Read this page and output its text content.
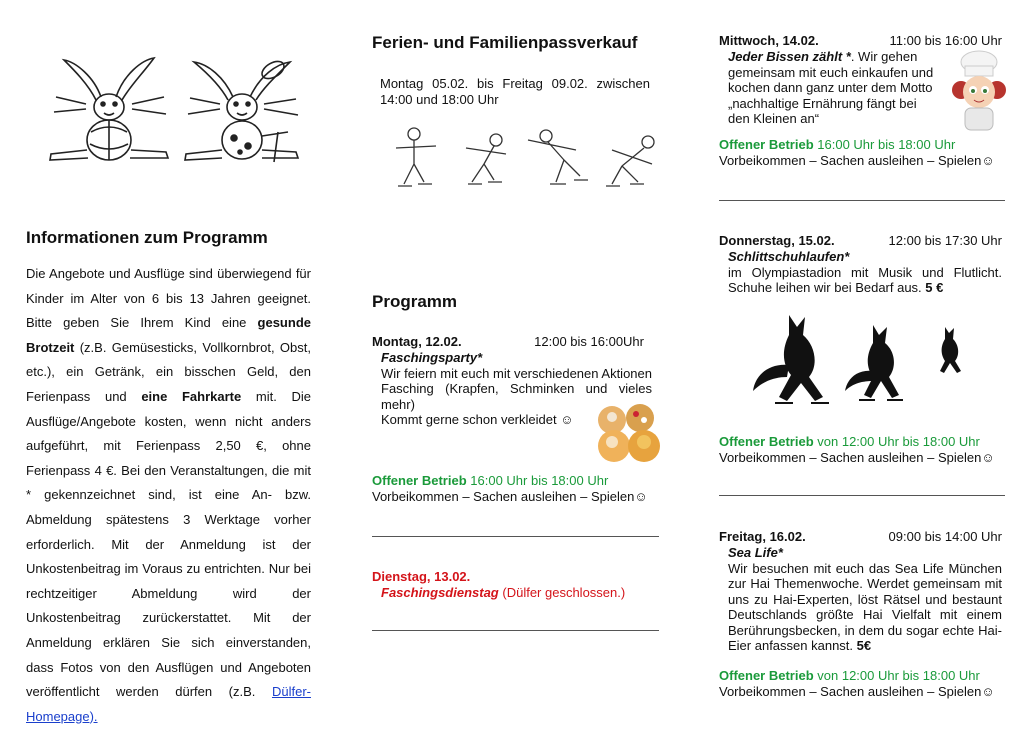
Informationen zum Programm
Die Angebote und Ausflüge sind überwiegend für Kinder im Alter von 6 bis 13 Jahren geeignet. Bitte geben Sie Ihrem Kind eine gesunde Brotzeit (z.B. Gemüsesticks, Vollkornbrot, Obst, etc.), ein Getränk, ein bisschen Geld, den Ferienpass und eine Fahrkarte mit. Die Ausflüge/Angebote kosten, wenn nicht anders aufgeführt, mit Ferienpass 2,50 €, ohne Ferienpass 4 €. Bei den Veranstaltungen, die mit * gekennzeichnet sind, ist eine An- bzw. Abmeldung spätestens 3 Werktage vorher erforderlich. Mit der Anmeldung ist der Unkostenbeitrag im Voraus zu entrichten. Nur bei rechtzeitiger Abmeldung wird der Unkostenbeitrag zurückerstattet. Mit der Anmeldung erklären Sie sich einverstanden, dass Fotos von den Ausflügen und Angeboten veröffentlicht werden dürfen (z.B. Dülfer-Homepage).
Ferien- und Familienpassverkauf
Montag 05.02. bis Freitag 09.02. zwischen 14:00 und 18:00 Uhr
Programm
Montag, 12.02.	12:00 bis 16:00Uhr
Faschingsparty*
Wir feiern mit euch mit verschiedenen Aktionen Fasching (Krapfen, Schminken und vieles mehr)
Kommt gerne schon verkleidet ☺
Offener Betrieb 16:00 Uhr bis 18:00 Uhr
Vorbeikommen – Sachen ausleihen – Spielen☺
Dienstag, 13.02.
Faschingsdienstag (Dülfer geschlossen.)
Mittwoch, 14.02.	11:00 bis 16:00 Uhr
Jeder Bissen zählt *. Wir gehen gemeinsam mit euch einkaufen und kochen dann ganz unter dem Motto „nachhaltige Ernährung fängt bei den Kleinen an“
Offener Betrieb 16:00 Uhr bis 18:00 Uhr
Vorbeikommen – Sachen ausleihen – Spielen☺
Donnerstag, 15.02.	12:00 bis 17:30 Uhr
Schlittschuhlaufen*
im Olympiastadion mit Musik und Flutlicht. Schuhe leihen wir bei Bedarf aus. 5 €
Offener Betrieb von 12:00 Uhr bis 18:00 Uhr
Vorbeikommen – Sachen ausleihen – Spielen☺
Freitag, 16.02.	09:00 bis 14:00 Uhr
Sea Life*
Wir besuchen mit euch das Sea Life München zur Hai Themenwoche. Werdet gemeinsam mit uns zu Hai-Experten, löst Rätsel und bestaunt Deutschlands größte Hai Vielfalt mit einem Berührungsbecken, in dem du sogar echte Hai-Eier anfassen kannst. 5€
Offener Betrieb von 12:00 Uhr bis 18:00 Uhr
Vorbeikommen – Sachen ausleihen – Spielen☺
